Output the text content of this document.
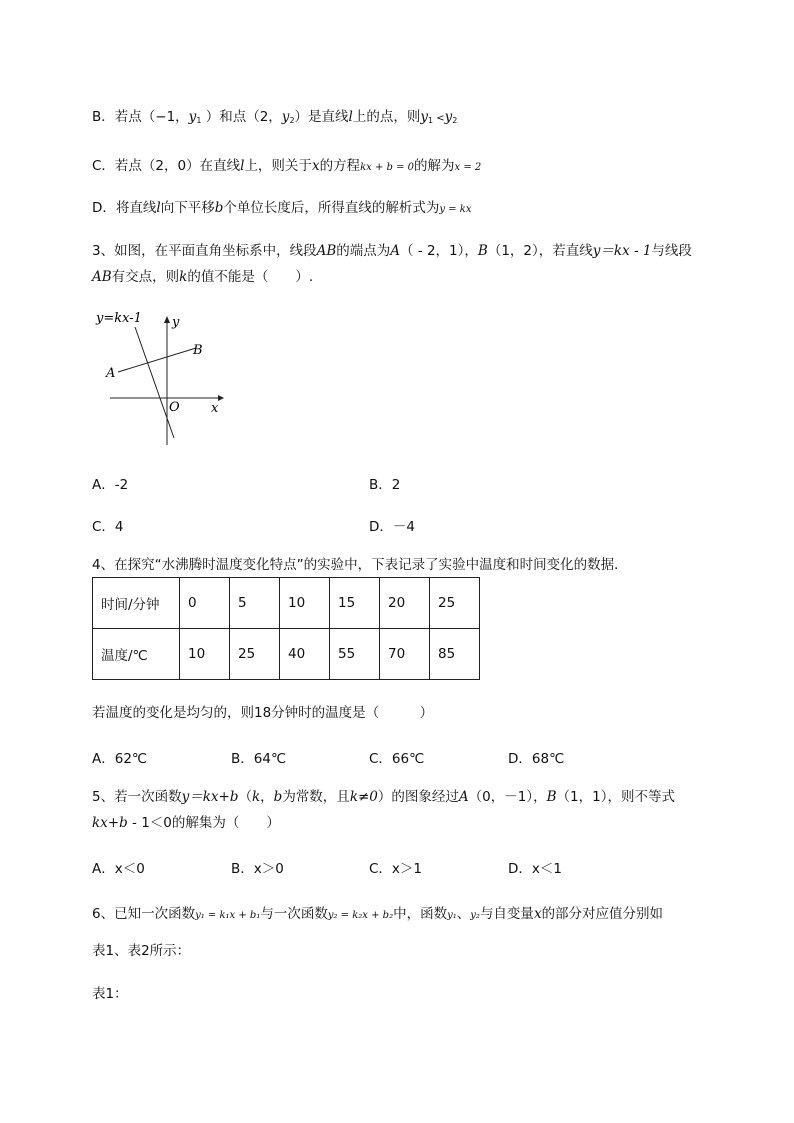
B．若点（−1，$y_1$ ）和点（2，$y_2$）是直线l上的点，则$y_1 <y_2$
C．若点（2，0）在直线l上，则关于x的方程kx + b = 0的解为x = 2
D．将直线l向下平移b个单位长度后，所得直线的解析式为y = kx
3、如图，在平面直角坐标系中，线段AB的端点为A（ - 2，1），B（1，2），若直线y＝kx - 1与线段
AB有交点，则k的值不能是（　　）.
y=kx-1 y
x
O
A
B
A．-2	B．2
C．4	D．－4
4、在探究“水沸腾时温度变化特点”的实验中，下表记录了实验中温度和时间变化的数据．
时间/分钟	0	5	10	15	20	25
温度/℃	10	25	40	55	70	85
若温度的变化是均匀的，则18分钟时的温度是（　　　）
A．62℃	B．64℃	C．66℃	D．68℃
5、若一次函数y＝kx+b（k，b为常数，且k≠0）的图象经过A（0，－1），B（1，1），则不等式
kx+b - 1＜0的解集为（　　）
A．x＜0	B．x＞0	C．x＞1	D．x＜1
6、已知一次函数y₁ = k₁x + b₁与一次函数y₂ = k₂x + b₂中，函数y₁、y₂与自变量x的部分对应值分别如
表1、表2所示：
表1：
